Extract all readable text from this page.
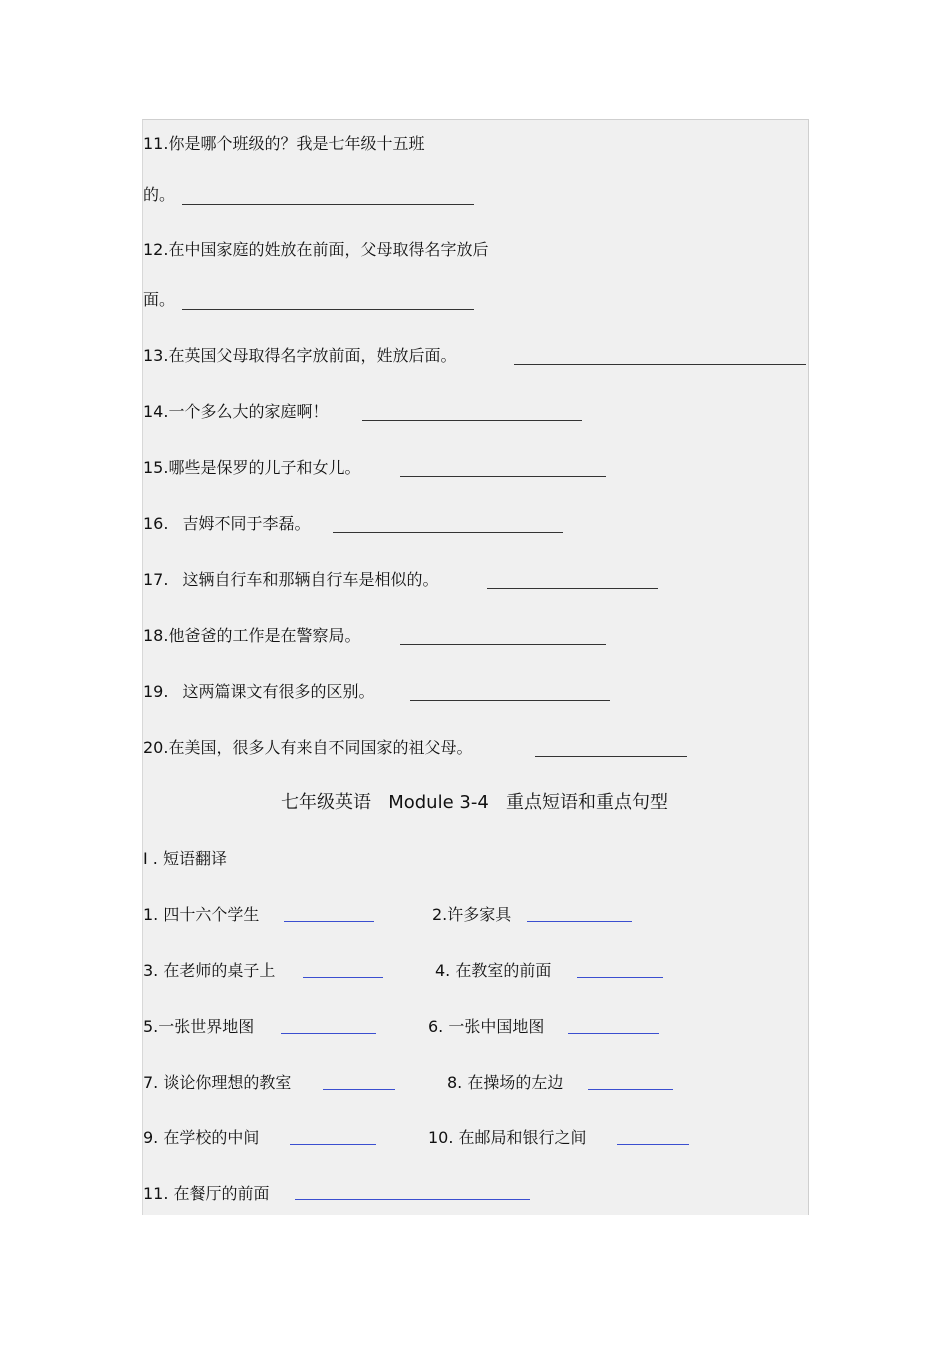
11.你是哪个班级的？我是七年级十五班
的。
12.在中国家庭的姓放在前面，父母取得名字放后
面。
13.在英国父母取得名字放前面，姓放后面。
14.一个多么大的家庭啊！
15.哪些是保罗的儿子和女儿。
16. 吉姆不同于李磊。
17. 这辆自行车和那辆自行车是相似的。
18.他爸爸的工作是在警察局。
19. 这两篇课文有很多的区别。
20.在美国，很多人有来自不同国家的祖父母。
七年级英语   Module 3-4   重点短语和重点句型
I . 短语翻译
1. 四十六个学生	2.许多家具
3. 在老师的桌子上	4. 在教室的前面
5.一张世界地图	6. 一张中国地图
7. 谈论你理想的教室	8. 在操场的左边
9. 在学校的中间	10. 在邮局和银行之间
11. 在餐厅的前面
